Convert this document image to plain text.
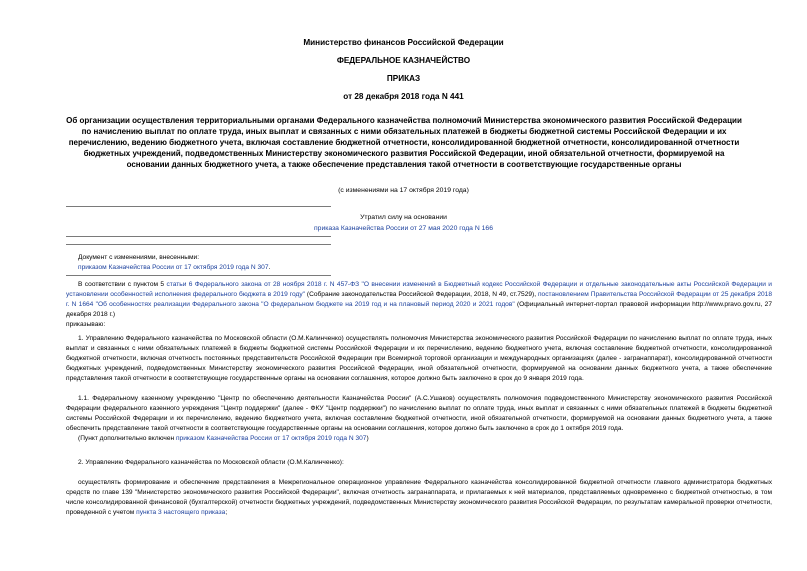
Министерство финансов Российской Федерации
ФЕДЕРАЛЬНОЕ КАЗНАЧЕЙСТВО
ПРИКАЗ
от 28 декабря 2018 года N 441
Об организации осуществления территориальными органами Федерального казначейства полномочий Министерства экономического развития Российской Федерации по начислению выплат по оплате труда, иных выплат и связанных с ними обязательных платежей в бюджеты бюджетной системы Российской Федерации и их перечислению, ведению бюджетного учета, включая составление бюджетной отчетности, консолидированной бюджетной отчетности, консолидированной отчетности бюджетных учреждений, подведомственных Министерству экономического развития Российской Федерации, иной обязательной отчетности, формируемой на основании данных бюджетного учета, а также обеспечение представления такой отчетности в соответствующие государственные органы
(с изменениями на 17 октября 2019 года)
Утратил силу на основании
приказа Казначейства России от 27 мая 2020 года N 166
Документ с изменениями, внесенными:
приказом Казначейства России от 17 октября 2019 года N 307.
В соответствии с пунктом 5 статьи 6 Федерального закона от 28 ноября 2018 г. N 457-ФЗ "О внесении изменений в Бюджетный кодекс Российской Федерации и отдельные законодательные акты Российской Федерации и установлении особенностей исполнения федерального бюджета в 2019 году" (Собрание законодательства Российской Федерации, 2018, N 49, ст.7529), постановлением Правительства Российской Федерации от 25 декабря 2018 г. N 1664 "Об особенностях реализации Федерального закона "О федеральном бюджете на 2019 год и на плановый период 2020 и 2021 годов" (Официальный интернет-портал правовой информации http://www.pravo.gov.ru, 27 декабря 2018 г.)
приказываю:
1. Управлению Федерального казначейства по Московской области (О.М.Калинченко) осуществлять полномочия Министерства экономического развития Российской Федерации по начислению выплат по оплате труда, иных выплат и связанных с ними обязательных платежей в бюджеты бюджетной системы Российской Федерации и их перечислению, ведению бюджетного учета, включая составление бюджетной отчетности, консолидированной бюджетной отчетности, включая отчетность постоянных представительств Российской Федерации при Всемирной торговой организации и международных организациях (далее - загранаппарат), консолидированной отчетности бюджетных учреждений, подведомственных Министерству экономического развития Российской Федерации, иной обязательной отчетности, формируемой на основании данных бюджетного учета, а также обеспечение представления такой отчетности в соответствующие государственные органы на основании соглашения, которое должно быть заключено в срок до 9 января 2019 года.
1.1. Федеральному казенному учреждению "Центр по обеспечению деятельности Казначейства России" (А.С.Ушаков) осуществлять полномочия подведомственного Министерству экономического развития Российской Федерации федерального казенного учреждения "Центр поддержки" (далее - ФКУ "Центр поддержки") по начислению выплат по оплате труда, иных выплат и связанных с ними обязательных платежей в бюджеты бюджетной системы Российской Федерации и их перечислению, ведению бюджетного учета, включая составление бюджетной отчетности, иной обязательной отчетности, формируемой на основании данных бюджетного учета, а также обеспечить представление такой отчетности в соответствующие государственные органы на основании соглашения, которое должно быть заключено в срок до 1 октября 2019 года.
(Пункт дополнительно включен приказом Казначейства России от 17 октября 2019 года N 307)
2. Управлению Федерального казначейства по Московской области (О.М.Калинченко):
осуществлять формирование и обеспечение представления в Межрегиональное операционное управление Федерального казначейства консолидированной бюджетной отчетности главного администратора бюджетных средств по главе 139 "Министерство экономического развития Российской Федерации", включая отчетность загранаппарата, и прилагаемых к ней материалов, представляемых одновременно с бюджетной отчетностью, в том числе консолидированной финансовой (бухгалтерской) отчетности бюджетных учреждений, подведомственных Министерству экономического развития Российской Федерации, по результатам камеральной проверки отчетности, проведенной с учетом пункта 3 настоящего приказа;
